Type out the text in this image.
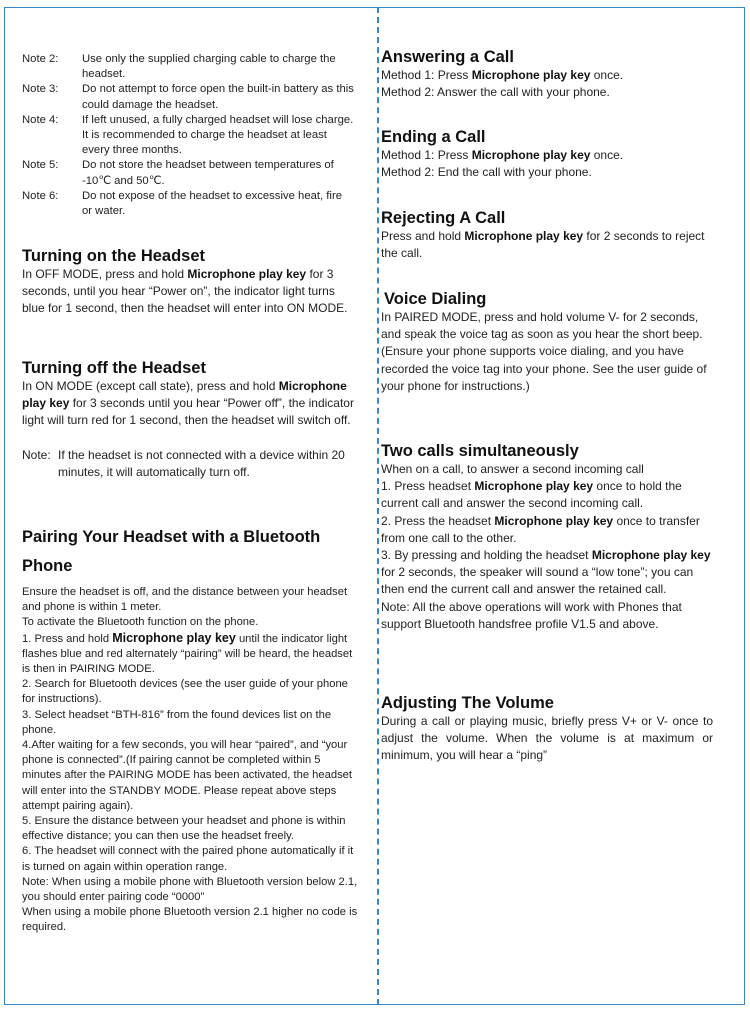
Note 2: Use only the supplied charging cable to charge the headset.

Note 3: Do not attempt to force open the built-in battery as this could damage the headset.

Note 4: If left unused, a fully charged headset will lose charge. It is recommended to charge the headset at least every three months.

Note 5: Do not store the headset between temperatures of -10℃ and 50℃.

Note 6: Do not expose of the headset to excessive heat, fire or water.

Turning on the Headset

In OFF MODE, press and hold Microphone play key for 3 seconds, until you hear “Power on”, the indicator light turns blue for 1 second, then the headset will enter into ON MODE.

Turning off the Headset

In ON MODE (except call state), press and hold Microphone play key for 3 seconds until you hear “Power off”, the indicator light will turn red for 1 second, then the headset will switch off.

Note: If the headset is not connected with a device within 20 minutes, it will automatically turn off.

Pairing Your Headset with a Bluetooth Phone

Ensure the headset is off, and the distance between your headset and phone is within 1 meter.

To activate the Bluetooth function on the phone.

1. Press and hold Microphone play key until the indicator light flashes blue and red alternately “pairing” will be heard, the headset is then in PAIRING MODE.

2. Search for Bluetooth devices (see the user guide of your phone for instructions).

3. Select headset “BTH-816” from the found devices list on the phone.

4.After waiting for a few seconds, you will hear “paired”, and “your phone is connected”.(If pairing cannot be completed within 5 minutes after the PAIRING MODE has been activated, the headset will enter into the STANDBY MODE. Please repeat above steps attempt pairing again).

5. Ensure the distance between your headset and phone is within effective distance; you can then use the headset freely.

6. The headset will connect with the paired phone automatically if it is turned on again within operation range.

Note: When using a mobile phone with Bluetooth version below 2.1, you should enter pairing code “0000”

When using a mobile phone Bluetooth version 2.1 higher no code is required.

Answering a Call

Method 1: Press Microphone play key once.

Method 2: Answer the call with your phone.

Ending a Call

Method 1: Press Microphone play key once.

Method 2: End the call with your phone.

Rejecting A Call

Press and hold Microphone play key for 2 seconds to reject the call.

Voice Dialing

In PAIRED MODE, press and hold volume V- for 2 seconds, and speak the voice tag as soon as you hear the short beep. (Ensure your phone supports voice dialing, and you have recorded the voice tag into your phone. See the user guide of your phone for instructions.)

Two calls simultaneously

When on a call, to answer a second incoming call

1. Press headset Microphone play key once to hold the current call and answer the second incoming call.

2. Press the headset Microphone play key once to transfer from one call to the other.

3. By pressing and holding the headset Microphone play key for 2 seconds, the speaker will sound a “low tone”; you can then end the current call and answer the retained call.

Note: All the above operations will work with Phones that support Bluetooth handsfree profile V1.5 and above.

Adjusting The Volume

During a call or playing music, briefly press V+ or V- once to adjust the volume. When the volume is at maximum or minimum, you will hear a “ping”
